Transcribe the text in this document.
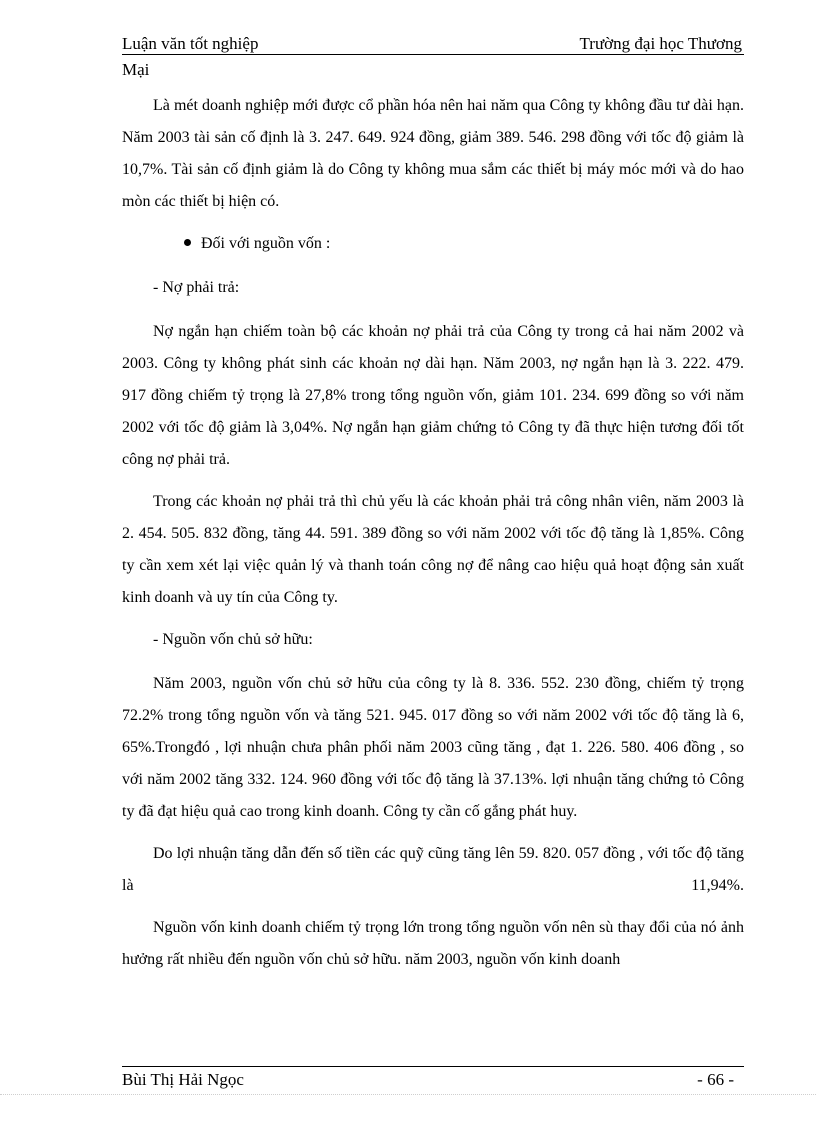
Luận văn tốt nghiệp	Trường đại học Thương
Mại

Là mét doanh nghiệp mới được cổ phần hóa nên hai năm qua Công ty không đầu tư dài hạn. Năm 2003 tài sản cố định là 3. 247. 649. 924 đồng, giảm 389. 546. 298 đồng với tốc độ giảm là 10,7%. Tài sản cố định giảm là do Công ty không mua sắm các thiết bị máy móc mới và do hao mòn các thiết bị hiện có.

Đối với nguồn vốn :
- Nợ phải trả:

Nợ ngắn hạn chiếm toàn bộ các khoản nợ phải trả của Công ty trong cả hai năm 2002 và 2003. Công ty không phát sinh các khoản nợ dài hạn. Năm 2003, nợ ngắn hạn là 3. 222. 479. 917 đồng chiếm tỷ trọng là 27,8% trong tổng nguồn vốn, giảm 101. 234. 699 đồng so với năm 2002 với tốc độ giảm là 3,04%. Nợ ngắn hạn giảm chứng tỏ Công ty đã thực hiện tương đối tốt công nợ phải trả.

Trong các khoản nợ phải trả thì chủ yếu là các khoản phải trả công nhân viên, năm 2003 là 2. 454. 505. 832 đồng, tăng 44. 591. 389 đồng so với năm 2002 với tốc độ tăng là 1,85%. Công ty cần xem xét lại việc quản lý và thanh toán công nợ để nâng cao hiệu quả hoạt động sản xuất kinh doanh và uy tín của Công ty.

- Nguồn vốn chủ sở hữu:

Năm 2003, nguồn vốn chủ sở hữu của công ty là 8. 336. 552. 230 đồng, chiếm tỷ trọng 72.2% trong tổng nguồn vốn và tăng 521. 945. 017 đồng so với năm 2002 với tốc độ tăng là 6, 65%.Trongđó , lợi nhuận chưa phân phối năm 2003 cũng tăng , đạt 1. 226. 580. 406 đồng , so với năm 2002 tăng 332. 124. 960 đồng với tốc độ tăng là 37.13%. lợi nhuận tăng chứng tỏ Công ty đã đạt hiệu quả cao trong kinh doanh. Công ty cần cố gắng phát huy.

Do lợi nhuận tăng dẫn đến số tiền các quỹ cũng tăng lên 59. 820. 057 đồng , với tốc độ tăng là 11,94%.

Nguồn vốn kinh doanh chiếm tỷ trọng lớn trong tổng nguồn vốn nên sù thay đổi của nó ảnh hưởng rất nhiều đến nguồn vốn chủ sở hữu. năm 2003, nguồn vốn kinh doanh

Bùi Thị Hải Ngọc	- 66 -
